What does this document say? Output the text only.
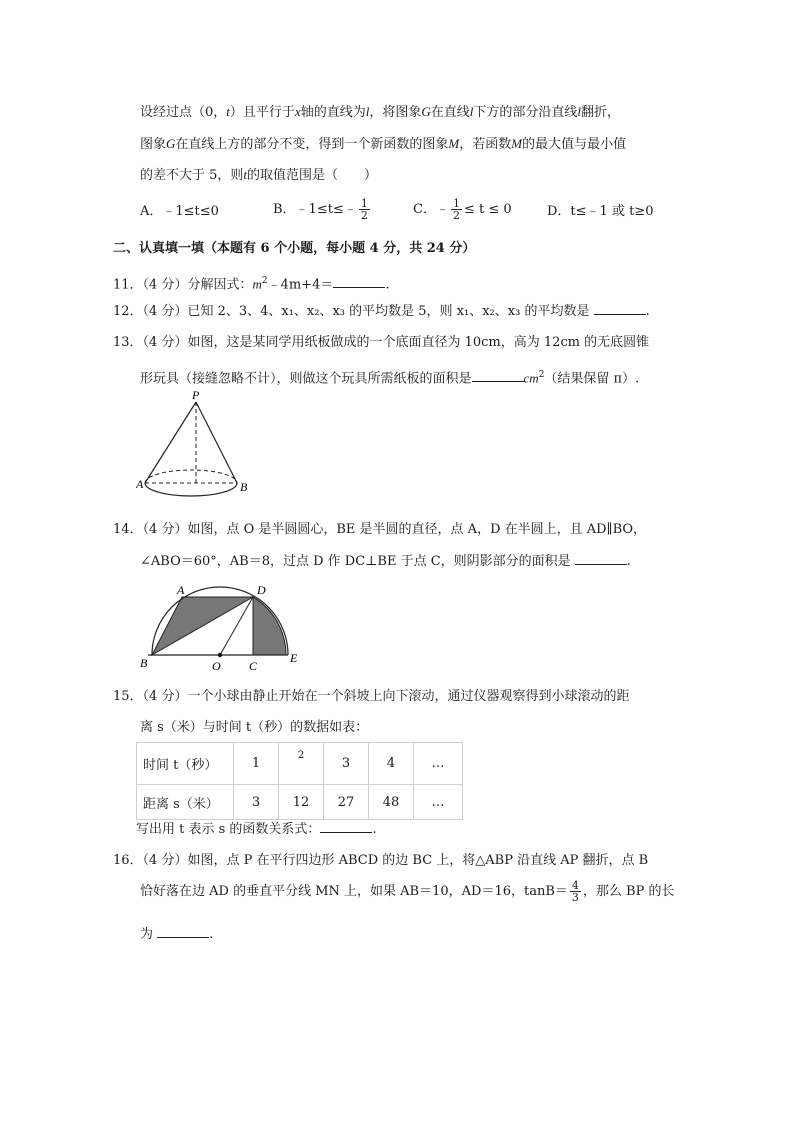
设经过点（0，t）且平行于x轴的直线为l，将图象G在直线l下方的部分沿直线l翻折，
图象G在直线上方的部分不变，得到一个新函数的图象M，若函数M的最大值与最小值
的差不大于 5，则t的取值范围是（　　）
A．﹣1≤t≤0	B．﹣1≤t≤﹣ $\frac{1}{2}$	C．﹣ $\frac{1}{2} \le t \le 0$	D．t≤﹣1 或 t≥0
二、认真填一填（本题有 6 个小题，每小题 4 分，共 24 分）
11．（4 分）分解因式：$m^2﹣4m+4=$	.
12．（4 分）已知 2、3、4、x₁、x₂、x₃ 的平均数是 5，则 x₁、x₂、x₃ 的平均数是	.
13．（4 分）如图，这是某同学用纸板做成的一个底面直径为 10cm，高为 12cm 的无底圆锥
形玩具（接缝忽略不计），则做这个玩具所需纸板的面积是	$cm^2$（结果保留 π）.
P
A	B
14．（4 分）如图，点 O 是半圆圆心，BE 是半圆的直径，点 A，D 在半圆上，且 AD∥BO，
∠ABO＝60°，AB＝8，过点 D 作 DC⊥BE 于点 C，则阴影部分的面积是	.
A	D
B	O C
E
15．（4 分）一个小球由静止开始在一个斜坡上向下滚动，通过仪器观察得到小球滚动的距
离 s（米）与时间 t（秒）的数据如表：
时间 t（秒）	1	2	3	4	…
距离 s（米）	3	12	27	48	…
写出用 t 表示 s 的函数关系式：	.
16．（4 分）如图，点 P 在平行四边形 ABCD 的边 BC 上，将△ABP 沿直线 AP 翻折，点 B
恰好落在边 AD 的垂直平分线 MN 上，如果 AB＝10，AD＝16，$\tan B= \frac{4}{3}$ ，那么 BP 的长
为	.
